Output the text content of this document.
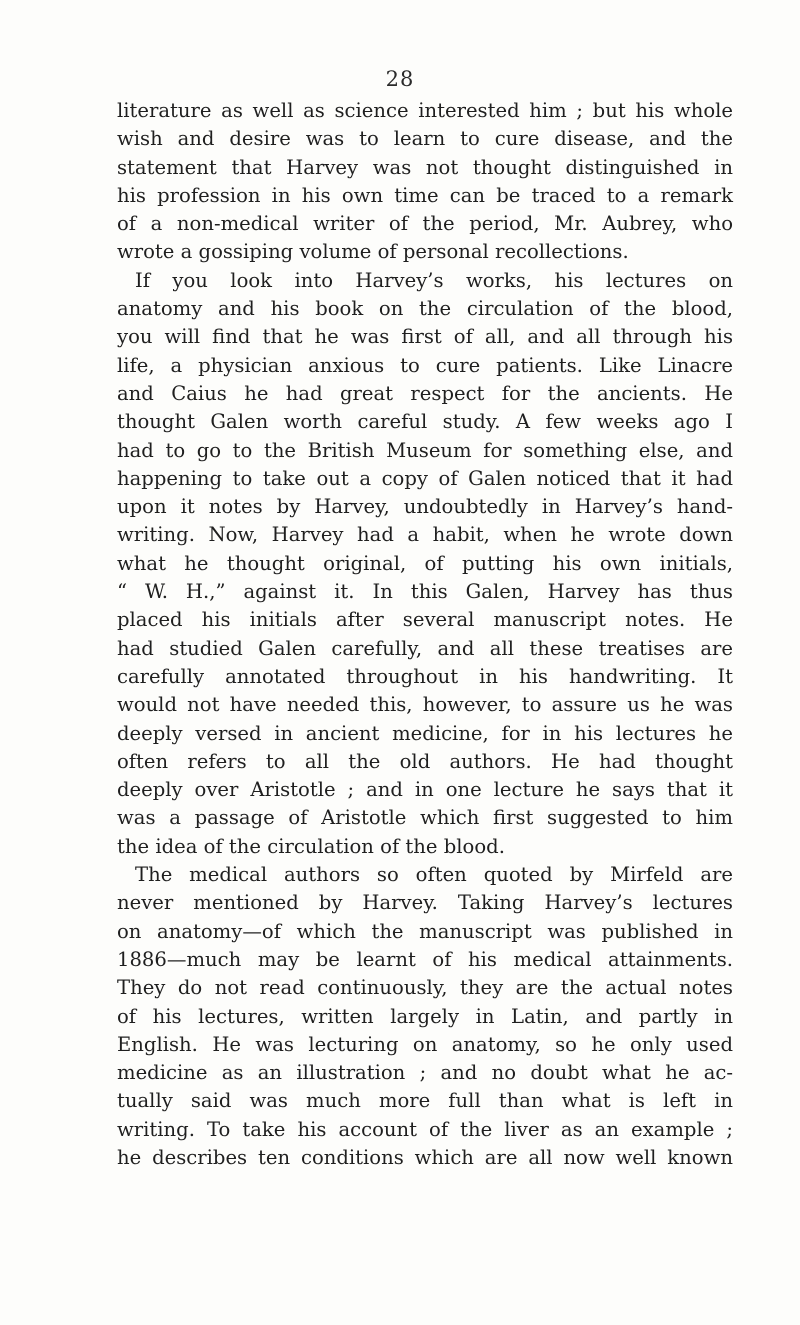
28
literature as well as science interested him ; but his whole
wish and desire was to learn to cure disease, and the
statement that Harvey was not thought distinguished in
his profession in his own time can be traced to a remark
of a non-medical writer of the period, Mr. Aubrey, who
wrote a gossiping volume of personal recollections.
If you look into Harvey’s works, his lectures on
anatomy and his book on the circulation of the blood,
you will find that he was first of all, and all through his
life, a physician anxious to cure patients. Like Linacre
and Caius he had great respect for the ancients. He
thought Galen worth careful study. A few weeks ago I
had to go to the British Museum for something else, and
happening to take out a copy of Galen noticed that it had
upon it notes by Harvey, undoubtedly in Harvey’s hand-
writing. Now, Harvey had a habit, when he wrote down
what he thought original, of putting his own initials,
“ W. H.,” against it. In this Galen, Harvey has thus
placed his initials after several manuscript notes. He
had studied Galen carefully, and all these treatises are
carefully annotated throughout in his handwriting. It
would not have needed this, however, to assure us he was
deeply versed in ancient medicine, for in his lectures he
often refers to all the old authors. He had thought
deeply over Aristotle ; and in one lecture he says that it
was a passage of Aristotle which first suggested to him
the idea of the circulation of the blood.
The medical authors so often quoted by Mirfeld are
never mentioned by Harvey. Taking Harvey’s lectures
on anatomy—of which the manuscript was published in
1886—much may be learnt of his medical attainments.
They do not read continuously, they are the actual notes
of his lectures, written largely in Latin, and partly in
English. He was lecturing on anatomy, so he only used
medicine as an illustration ; and no doubt what he ac-
tually said was much more full than what is left in
writing. To take his account of the liver as an example ;
he describes ten conditions which are all now well known
